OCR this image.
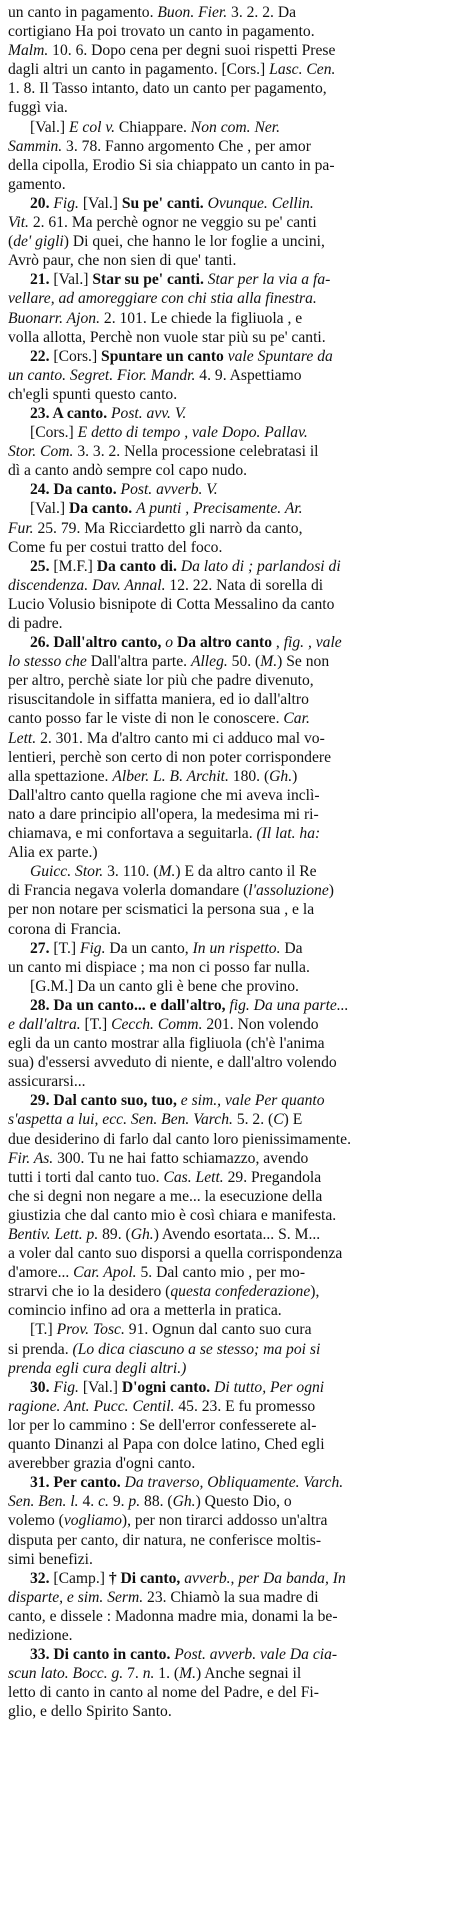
un canto in pagamento. Buon. Fier. 3. 2. 2. Da
cortigiano Ha poi trovato un canto in pagamento.
Malm. 10. 6. Dopo cena per degni suoi rispetti Prese
dagli altri un canto in pagamento. [Cors.] Lasc. Cen.
1. 8. Il Tasso intanto, dato un canto per pagamento,
fuggì via.
[Val.] E col v. Chiappare. Non com. Ner.
Sammin. 3. 78. Fanno argomento Che , per amor
della cipolla, Erodio Si sia chiappato un canto in pa-
gamento.
20. Fig. [Val.] Su pe' canti. Ovunque. Cellin.
Vit. 2. 61. Ma perchè ognor ne veggio su pe' canti
(de' gigli) Di quei, che hanno le lor foglie a uncini,
Avrò paur, che non sien di que' tanti.
21. [Val.] Star su pe' canti. Star per la via a fa-
vellare, ad amoreggiare con chi stia alla finestra.
Buonarr. Ajon. 2. 101. Le chiede la figliuola , e
volla allotta, Perchè non vuole star più su pe' canti.
22. [Cors.] Spuntare un canto vale Spuntare da
un canto. Segret. Fior. Mandr. 4. 9. Aspettiamo
ch'egli spunti questo canto.
23. A canto. Post. avv. V.
[Cors.] E detto di tempo , vale Dopo. Pallav.
Stor. Com. 3. 3. 2. Nella processione celebratasi il
dì a canto andò sempre col capo nudo.
24. Da canto. Post. avverb. V.
[Val.] Da canto. A punti , Precisamente. Ar.
Fur. 25. 79. Ma Ricciardetto gli narrò da canto,
Come fu per costui tratto del foco.
25. [M.F.] Da canto di. Da lato di ; parlandosi di
discendenza. Dav. Annal. 12. 22. Nata di sorella di
Lucio Volusio bisnipote di Cotta Messalino da canto
di padre.
26. Dall'altro canto, o Da altro canto , fig. , vale
lo stesso che Dall'altra parte. Alleg. 50. (M.) Se non
per altro, perchè siate lor più che padre divenuto,
risuscitandole in siffatta maniera, ed io dall'altro
canto posso far le viste di non le conoscere. Car.
Lett. 2. 301. Ma d'altro canto mi ci adduco mal vo-
lentieri, perchè son certo di non poter corrispondere
alla spettazione. Alber. L. B. Archit. 180. (Gh.)
Dall'altro canto quella ragione che mi aveva inclì-
nato a dare principio all'opera, la medesima mi ri-
chiamava, e mi confortava a seguitarla. (Il lat. ha:
Alia ex parte.)
Guicc. Stor. 3. 110. (M.) E da altro canto il Re
di Francia negava volerla domandare (l'assoluzione)
per non notare per scismatici la persona sua , e la
corona di Francia.
27. [T.] Fig. Da un canto, In un rispetto. Da
un canto mi dispiace ; ma non ci posso far nulla.
[G.M.] Da un canto gli è bene che provino.
28. Da un canto... e dall'altro, fig. Da una parte...
e dall'altra. [T.] Cecch. Comm. 201. Non volendo
egli da un canto mostrar alla figliuola (ch'è l'anima
sua) d'essersi avveduto di niente, e dall'altro volendo
assicurarsi...
29. Dal canto suo, tuo, e sim., vale Per quanto
s'aspetta a lui, ecc. Sen. Ben. Varch. 5. 2. (C) E
due desiderino di farlo dal canto loro pienissimamente.
Fir. As. 300. Tu ne hai fatto schiamazzo, avendo
tutti i torti dal canto tuo. Cas. Lett. 29. Pregandola
che si degni non negare a me... la esecuzione della
giustizia che dal canto mio è così chiara e manifesta.
Bentiv. Lett. p. 89. (Gh.) Avendo esortata... S. M...
a voler dal canto suo disporsi a quella corrispondenza
d'amore... Car. Apol. 5. Dal canto mio , per mo-
strarvi che io la desidero (questa confederazione),
comincio infino ad ora a metterla in pratica.
[T.] Prov. Tosc. 91. Ognun dal canto suo cura
si prenda. (Lo dica ciascuno a se stesso; ma poi si
prenda egli cura degli altri.)
30. Fig. [Val.] D'ogni canto. Di tutto, Per ogni
ragione. Ant. Pucc. Centil. 45. 23. E fu promesso
lor per lo cammino : Se dell'error confesserete al-
quanto Dinanzi al Papa con dolce latino, Ched egli
averebber grazia d'ogni canto.
31. Per canto. Da traverso, Obliquamente. Varch.
Sen. Ben. l. 4. c. 9. p. 88. (Gh.) Questo Dio, o
volemo (vogliamo), per non tirarci addosso un'altra
disputa per canto, dir natura, ne conferisce moltis-
simi benefizi.
32. [Camp.] † Di canto, avverb., per Da banda, In
disparte, e sim. Serm. 23. Chiamò la sua madre di
canto, e dissele : Madonna madre mia, donami la be-
nedizione.
33. Di canto in canto. Post. avverb. vale Da cia-
scun lato. Bocc. g. 7. n. 1. (M.) Anche segnai il
letto di canto in canto al nome del Padre, e del Fi-
glio, e dello Spirito Santo.
